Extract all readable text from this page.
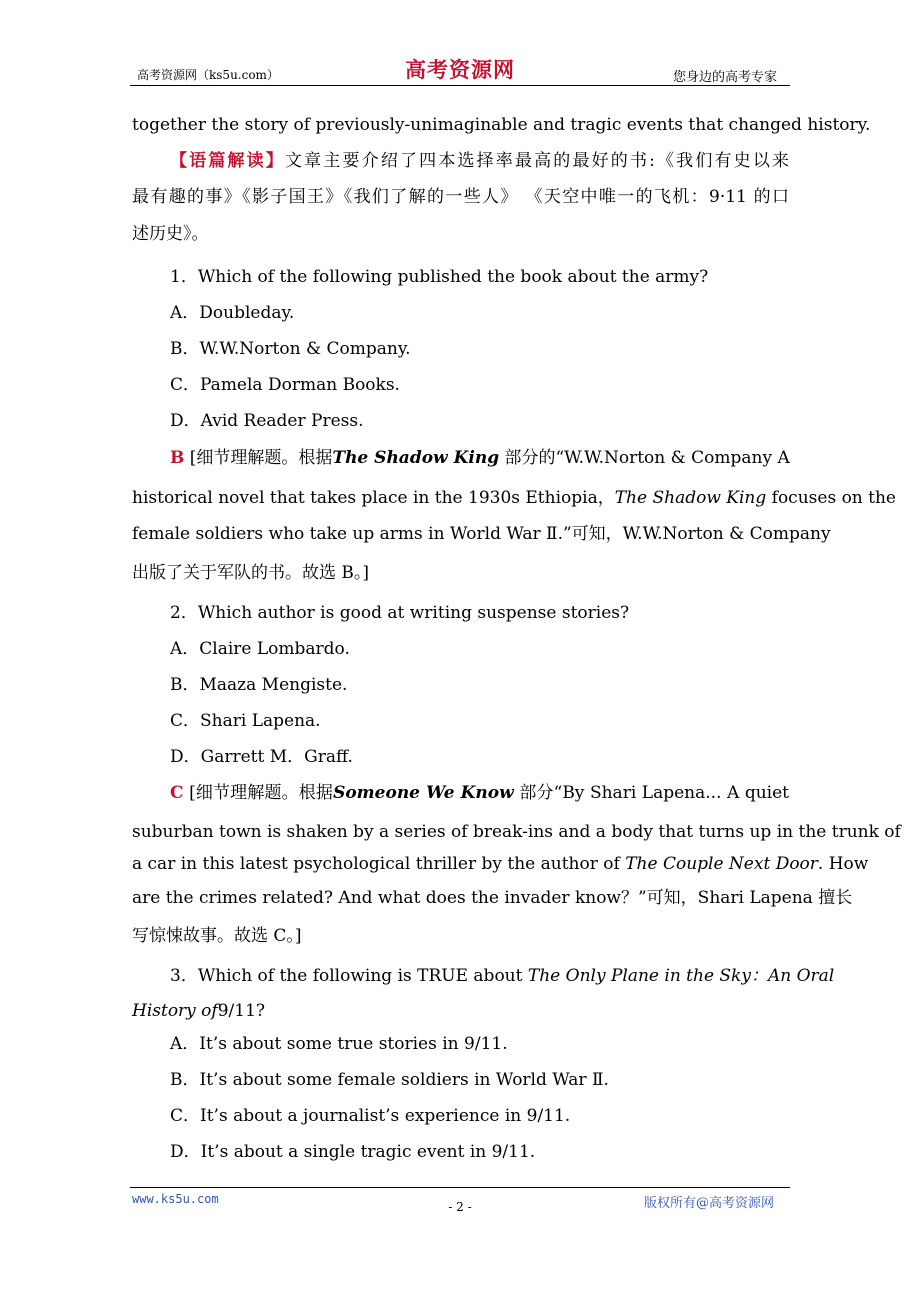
高考资源网（ks5u.com）	高考资源网	您身边的高考专家
together the story of previously-unimaginable and tragic events that changed history.
【语篇解读】文章主要介绍了四本选择率最高的最好的书:《我们有史以来
最有趣的事》《影子国王》《我们了解的一些人》 《天空中唯一的飞机：9·11 的口
述历史》。
1．Which of the following published the book about the army?
A．Doubleday.
B．W.W.Norton & Company.
C．Pamela Dorman Books.
D．Avid Reader Press.
B [细节理解题。根据The Shadow King 部分的“W.W.Norton & Company A
historical novel that takes place in the 1930s Ethiopia，The Shadow King focuses on the
female soldiers who take up arms in World War Ⅱ.”可知，W.W.Norton & Company
出版了关于军队的书。故选 B。]
2．Which author is good at writing suspense stories?
A．Claire Lombardo.
B．Maaza Mengiste.
C．Shari Lapena.
D．Garrett M．Graff.
C [细节理解题。根据Someone We Know 部分“By Shari Lapena... A quiet
suburban town is shaken by a series of break-ins and a body that turns up in the trunk of
a car in this latest psychological thriller by the author of The Couple Next Door. How
are the crimes related? And what does the invader know？”可知，Shari Lapena 擅长
写惊悚故事。故选 C。]
3．Which of the following is TRUE about The Only Plane in the Sky：An Oral
History of9/11?
A．It’s about some true stories in 9/11.
B．It’s about some female soldiers in World War Ⅱ.
C．It’s about a journalist’s experience in 9/11.
D．It’s about a single tragic event in 9/11.
www.ks5u.com
- 2 -	版权所有@高考资源网
